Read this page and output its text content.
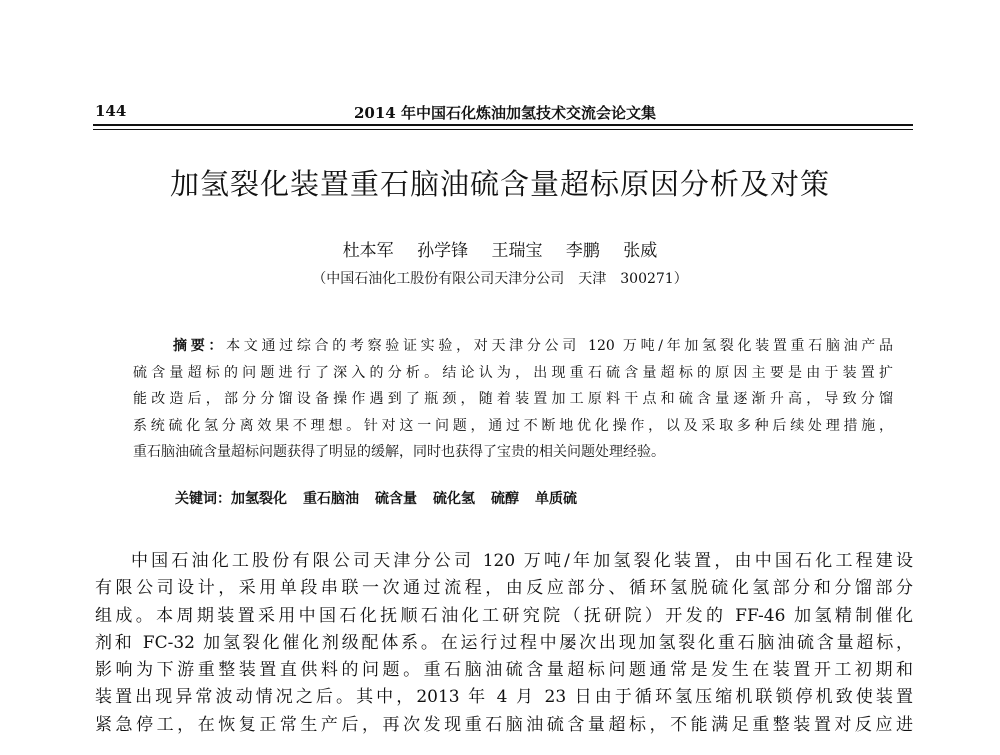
144	2014 年中国石化炼油加氢技术交流会论文集
加氢裂化装置重石脑油硫含量超标原因分析及对策
杜本军 孙学锋 王瑞宝 李鹏 张威
（中国石油化工股份有限公司天津分公司　天津　300271）
摘要：本文通过综合的考察验证实验，对天津分公司 120 万吨/年加氢裂化装置重石脑油产品
硫含量超标的问题进行了深入的分析。结论认为，出现重石硫含量超标的原因主要是由于装置扩
能改造后，部分分馏设备操作遇到了瓶颈，随着装置加工原料干点和硫含量逐渐升高，导致分馏
系统硫化氢分离效果不理想。针对这一问题，通过不断地优化操作，以及采取多种后续处理措施，
重石脑油硫含量超标问题获得了明显的缓解，同时也获得了宝贵的相关问题处理经验。
关键词：加氢裂化 重石脑油 硫含量 硫化氢 硫醇 单质硫
中国石油化工股份有限公司天津分公司 120 万吨/年加氢裂化装置，由中国石化工程建设
有限公司设计，采用单段串联一次通过流程，由反应部分、循环氢脱硫化氢部分和分馏部分
组成。本周期装置采用中国石化抚顺石油化工研究院（抚研院）开发的 FF-46 加氢精制催化
剂和 FC-32 加氢裂化催化剂级配体系。在运行过程中屡次出现加氢裂化重石脑油硫含量超标，
影响为下游重整装置直供料的问题。重石脑油硫含量超标问题通常是发生在装置开工初期和
装置出现异常波动情况之后。其中，2013 年 4 月 23 日由于循环氢压缩机联锁停机致使装置
紧急停工，在恢复正常生产后，再次发现重石脑油硫含量超标，不能满足重整装置对反应进
